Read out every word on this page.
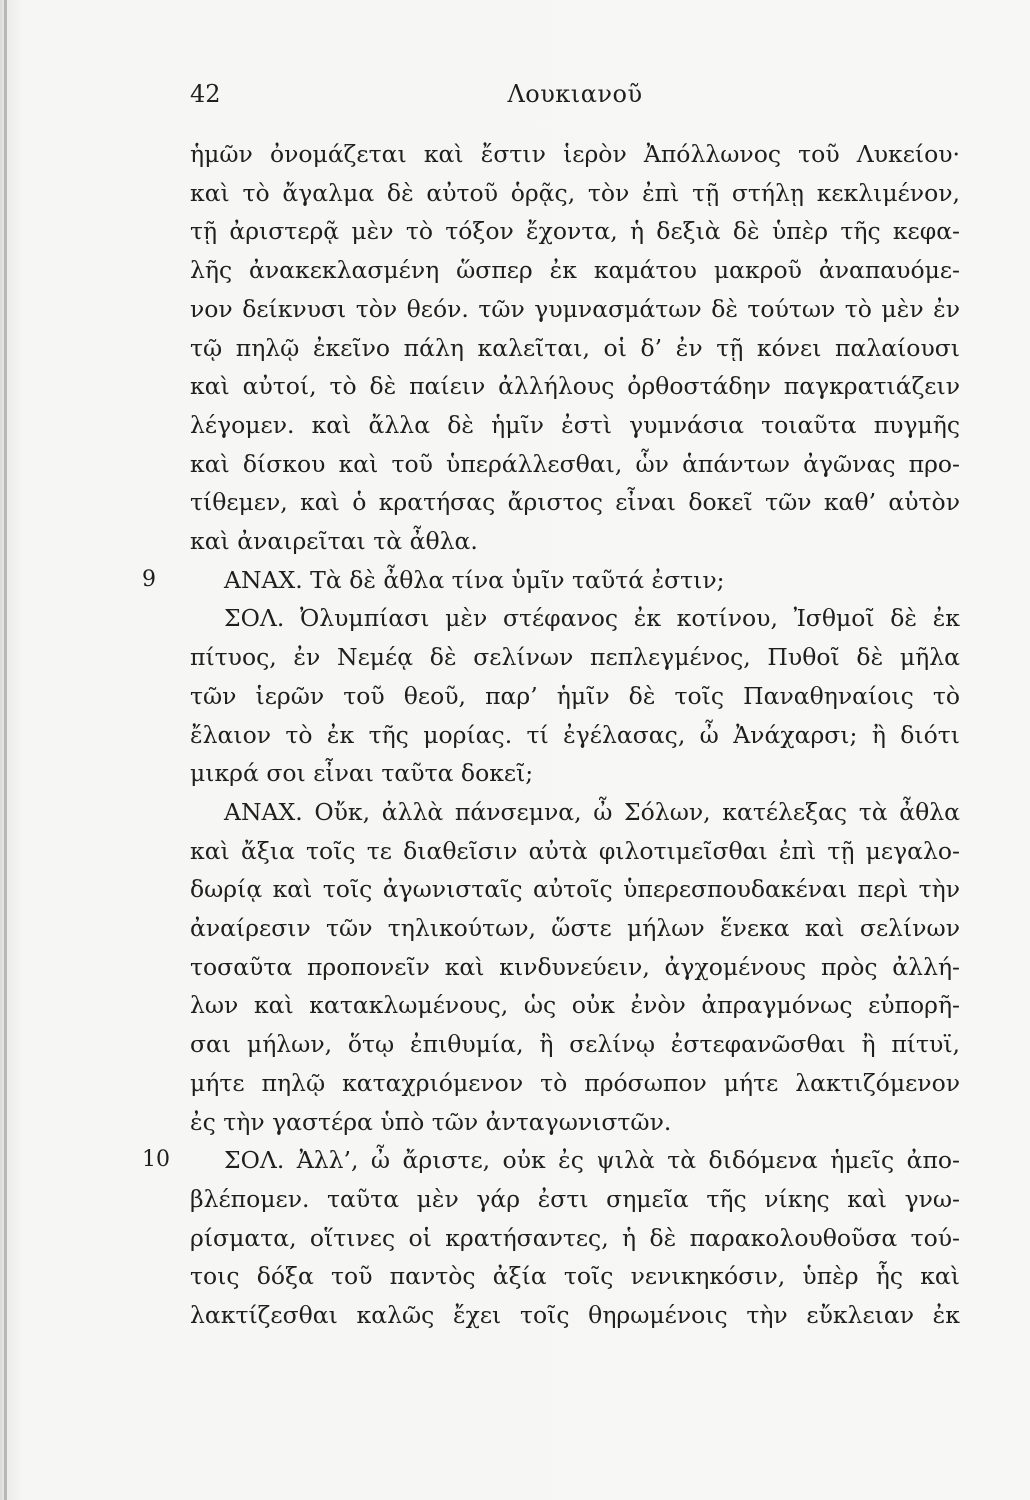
42	Λουκιανοῦ
ἡμῶν ὀνομάζεται καὶ ἔστιν ἱερὸν Ἀπόλλωνος τοῦ Λυκείου·
καὶ τὸ ἄγαλμα δὲ αὐτοῦ ὁρᾷς, τὸν ἐπὶ τῇ στήλῃ κεκλιμένον,
τῇ ἀριστερᾷ μὲν τὸ τόξον ἔχοντα, ἡ δεξιὰ δὲ ὑπὲρ τῆς κεφα-
λῆς ἀνακεκλασμένη ὥσπερ ἐκ καμάτου μακροῦ ἀναπαυόμε-
νον δείκνυσι τὸν θεόν. τῶν γυμνασμάτων δὲ τούτων τὸ μὲν ἐν
τῷ πηλῷ ἐκεῖνο πάλη καλεῖται, οἱ δ’ ἐν τῇ κόνει παλαίουσι
καὶ αὐτοί, τὸ δὲ παίειν ἀλλήλους ὀρθοστάδην παγκρατιάζειν
λέγομεν. καὶ ἄλλα δὲ ἡμῖν ἐστὶ γυμνάσια τοιαῦτα πυγμῆς
καὶ δίσκου καὶ τοῦ ὑπεράλλεσθαι, ὧν ἁπάντων ἀγῶνας προ-
τίθεμεν, καὶ ὁ κρατήσας ἄριστος εἶναι δοκεῖ τῶν καθ’ αὑτὸν
καὶ ἀναιρεῖται τὰ ἆθλα.
ΑΝΑΧ. Τὰ δὲ ἆθλα τίνα ὑμῖν ταῦτά ἐστιν;
9
ΣΟΛ. Ὀλυμπίασι μὲν στέφανος ἐκ κοτίνου, Ἰσθμοῖ δὲ ἐκ
πίτυος, ἐν Νεμέᾳ δὲ σελίνων πεπλεγμένος, Πυθοῖ δὲ μῆλα
τῶν ἱερῶν τοῦ θεοῦ, παρ’ ἡμῖν δὲ τοῖς Παναθηναίοις τὸ
ἔλαιον τὸ ἐκ τῆς μορίας. τί ἐγέλασας, ὦ Ἀνάχαρσι; ἢ διότι
μικρά σοι εἶναι ταῦτα δοκεῖ;
ΑΝΑΧ. Οὔκ, ἀλλὰ πάνσεμνα, ὦ Σόλων, κατέλεξας τὰ ἆθλα
καὶ ἄξια τοῖς τε διαθεῖσιν αὐτὰ φιλοτιμεῖσθαι ἐπὶ τῇ μεγαλο-
δωρίᾳ καὶ τοῖς ἀγωνισταῖς αὐτοῖς ὑπερεσπουδακέναι περὶ τὴν
ἀναίρεσιν τῶν τηλικούτων, ὥστε μήλων ἕνεκα καὶ σελίνων
τοσαῦτα προπονεῖν καὶ κινδυνεύειν, ἀγχομένους πρὸς ἀλλή-
λων καὶ κατακλωμένους, ὡς οὐκ ἐνὸν ἀπραγμόνως εὐπορῆ-
σαι μήλων, ὅτῳ ἐπιθυμία, ἢ σελίνῳ ἐστεφανῶσθαι ἢ πίτυϊ,
μήτε πηλῷ καταχριόμενον τὸ πρόσωπον μήτε λακτιζόμενον
ἐς τὴν γαστέρα ὑπὸ τῶν ἀνταγωνιστῶν.
ΣΟΛ. Ἀλλ’, ὦ ἄριστε, οὐκ ἐς ψιλὰ τὰ διδόμενα ἡμεῖς ἀπο-
10
βλέπομεν. ταῦτα μὲν γάρ ἐστι σημεῖα τῆς νίκης καὶ γνω-
ρίσματα, οἵτινες οἱ κρατήσαντες, ἡ δὲ παρακολουθοῦσα τού-
τοις δόξα τοῦ παντὸς ἀξία τοῖς νενικηκόσιν, ὑπὲρ ἧς καὶ
λακτίζεσθαι καλῶς ἔχει τοῖς θηρωμένοις τὴν εὔκλειαν ἐκ
